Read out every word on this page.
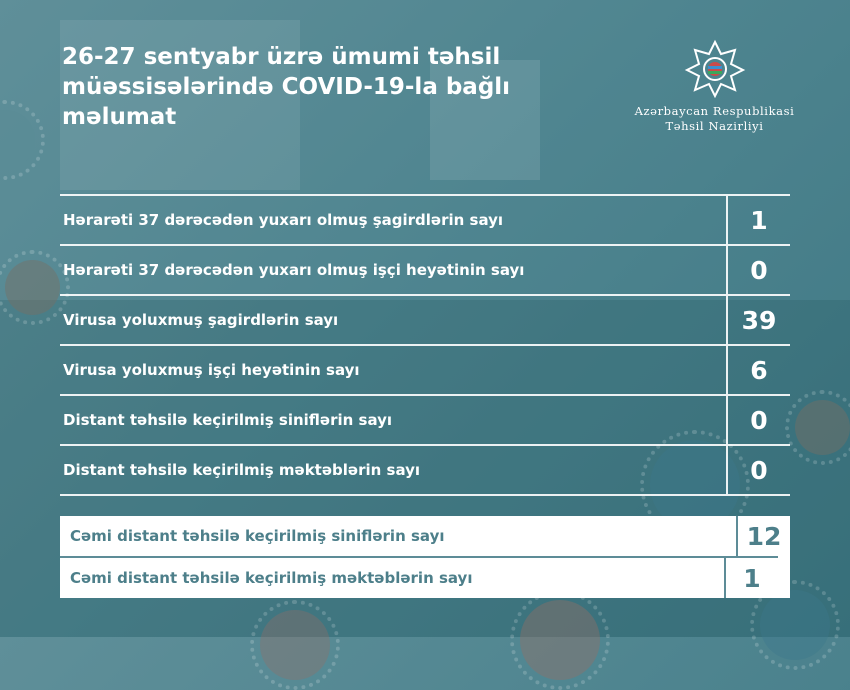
26-27 sentyabr üzrə ümumi təhsil
müəssisələrində COVID-19-la bağlı
məlumat	Azərbaycan Respublikasi
Təhsil Nazirliyi
Hərarəti 37 dərəcədən yuxarı olmuş şagirdlərin sayı	1
Hərarəti 37 dərəcədən yuxarı olmuş işçi heyətinin sayı	0
Virusa yoluxmuş şagirdlərin sayı	39
Virusa yoluxmuş işçi heyətinin sayı	6
Distant təhsilə keçirilmiş siniflərin sayı	0
Distant təhsilə keçirilmiş məktəblərin sayı	0
Cəmi distant təhsilə keçirilmiş siniflərin sayı	12
Cəmi distant təhsilə keçirilmiş məktəblərin sayı	1
